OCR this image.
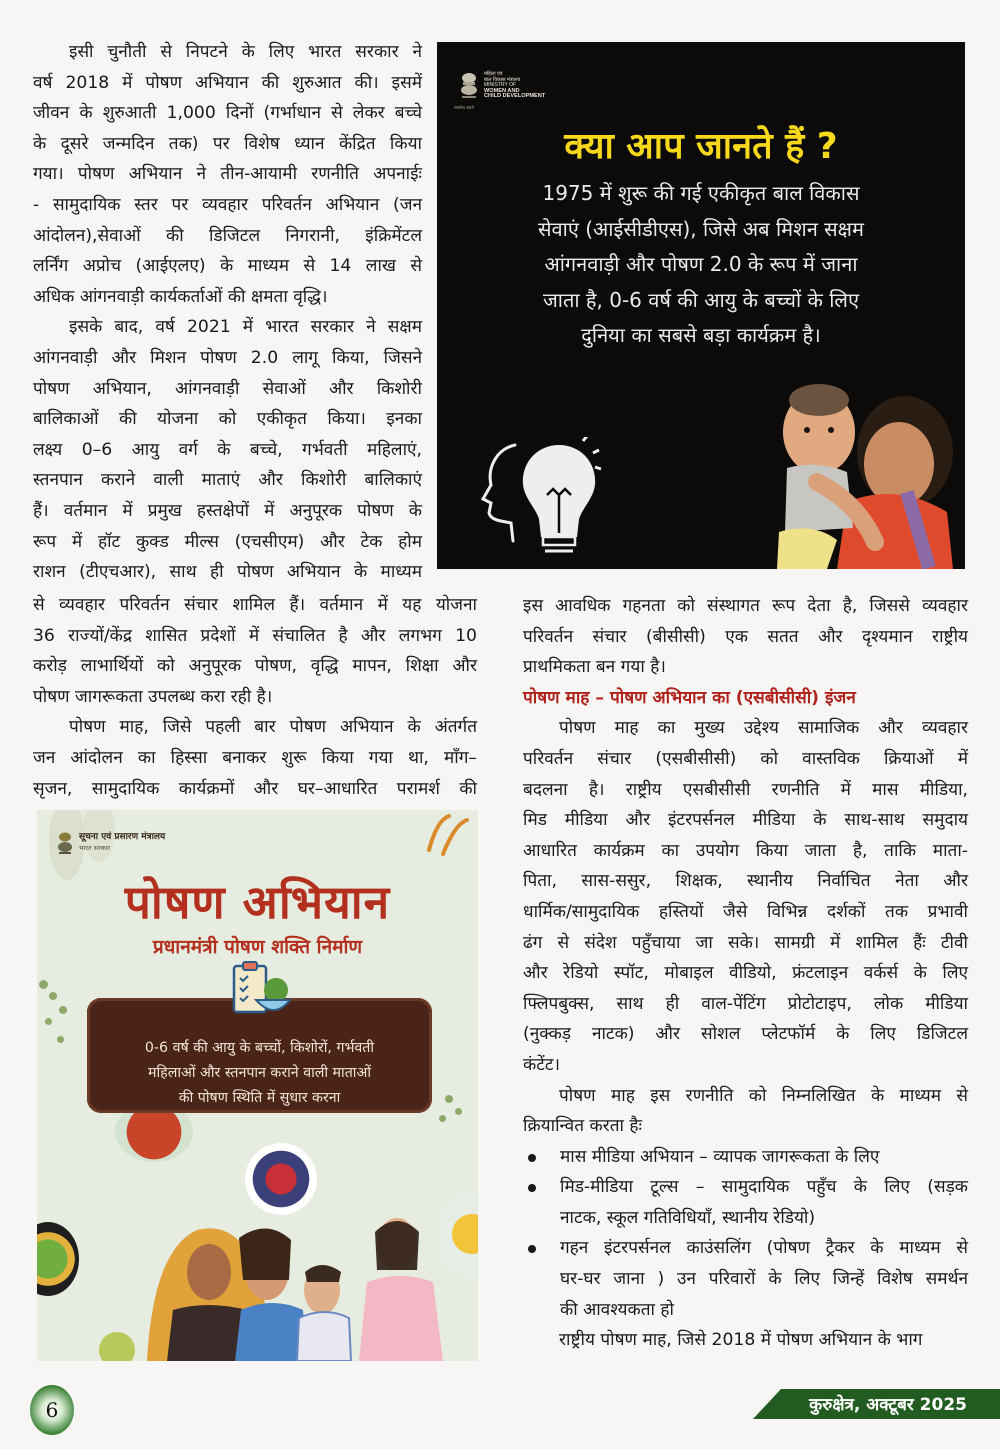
इसी चुनौती से निपटने के लिए भारत सरकार ने
वर्ष 2018 में पोषण अभियान की शुरुआत की। इसमें
जीवन के शुरुआती 1,000 दिनों (गर्भाधान से लेकर बच्चे
के दूसरे जन्मदिन तक) पर विशेष ध्यान केंद्रित किया
गया। पोषण अभियान ने तीन-आयामी रणनीति अपनाईः
- सामुदायिक स्तर पर व्यवहार परिवर्तन अभियान (जन
आंदोलन),सेवाओं की डिजिटल निगरानी, इंक्रिमेंटल
लर्निंग अप्रोच (आईएलए) के माध्यम से 14 लाख से
अधिक आंगनवाड़ी कार्यकर्ताओं की क्षमता वृद्धि।

इसके बाद, वर्ष 2021 में भारत सरकार ने सक्षम
आंगनवाड़ी और मिशन पोषण 2.0 लागू किया, जिसने
पोषण अभियान, आंगनवाड़ी सेवाओं और किशोरी
बालिकाओं की योजना को एकीकृत किया। इनका
लक्ष्य 0–6 आयु वर्ग के बच्चे, गर्भवती महिलाएं,
स्तनपान कराने वाली माताएं और किशोरी बालिकाएं
हैं। वर्तमान में प्रमुख हस्तक्षेपों में अनुपूरक पोषण के
रूप में हॉट कुक्ड मील्स (एचसीएम) और टेक होम
राशन (टीएचआर), साथ ही पोषण अभियान के माध्यम

से व्यवहार परिवर्तन संचार शामिल हैं। वर्तमान में यह योजना
36 राज्यों/केंद्र शासित प्रदेशों में संचालित है और लगभग 10
करोड़ लाभार्थियों को अनुपूरक पोषण, वृद्धि मापन, शिक्षा और
पोषण जागरूकता उपलब्ध करा रही है।

पोषण माह, जिसे पहली बार पोषण अभियान के अंतर्गत
जन आंदोलन का हिस्सा बनाकर शुरू किया गया था, माँग–
सृजन, सामुदायिक कार्यक्रमों और घर–आधारित परामर्श की

महिला एवं
बाल विकास मंत्रालय
MINISTRY OF
WOMEN AND
CHILD DEVELOPMENT
सत्यमेव जयते
क्या आप जानते हैं ?
1975 में शुरू की गई एकीकृत बाल विकास
सेवाएं (आईसीडीएस), जिसे अब मिशन सक्षम
आंगनवाड़ी और पोषण 2.0 के रूप में जाना
जाता है, 0-6 वर्ष की आयु के बच्चों के लिए
दुनिया का सबसे बड़ा कार्यक्रम है।
सूचना एवं प्रसारण मंत्रालय
भारत सरकार
पोषण अभियान
प्रधानमंत्री पोषण शक्ति निर्माण
0-6 वर्ष की आयु के बच्चों, किशोरों, गर्भवती
महिलाओं और स्तनपान कराने वाली माताओं
की पोषण स्थिति में सुधार करना

इस आवधिक गहनता को संस्थागत रूप देता है, जिससे व्यवहार
परिवर्तन संचार (बीसीसी) एक सतत और दृश्यमान राष्ट्रीय
प्राथमिकता बन गया है।

पोषण माह – पोषण अभियान का (एसबीसीसी) इंजन

पोषण माह का मुख्य उद्देश्य सामाजिक और व्यवहार
परिवर्तन संचार (एसबीसीसी) को वास्तविक क्रियाओं में
बदलना है। राष्ट्रीय एसबीसीसी रणनीति में मास मीडिया,
मिड मीडिया और इंटरपर्सनल मीडिया के साथ-साथ समुदाय
आधारित कार्यक्रम का उपयोग किया जाता है, ताकि माता-
पिता, सास-ससुर, शिक्षक, स्थानीय निर्वाचित नेता और
धार्मिक/सामुदायिक हस्तियों जैसे विभिन्न दर्शकों तक प्रभावी
ढंग से संदेश पहुँचाया जा सके। सामग्री में शामिल हैंः टीवी
और रेडियो स्पॉट, मोबाइल वीडियो, फ्रंटलाइन वर्कर्स के लिए
फ्लिपबुक्स, साथ ही वाल-पेंटिंग प्रोटोटाइप, लोक मीडिया
(नुक्कड़ नाटक) और सोशल प्लेटफॉर्म के लिए डिजिटल
कंटेंट।

पोषण माह इस रणनीति को निम्नलिखित के माध्यम से
क्रियान्वित करता हैः

मास मीडिया अभियान – व्यापक जागरूकता के लिए
मिड-मीडिया टूल्स – सामुदायिक पहुँच के लिए (सड़क
नाटक, स्कूल गतिविधियाँ, स्थानीय रेडियो)
गहन इंटरपर्सनल काउंसलिंग (पोषण ट्रैकर के माध्यम से
घर-घर जाना ) उन परिवारों के लिए जिन्हें विशेष समर्थन
की आवश्यकता हो
राष्ट्रीय पोषण माह, जिसे 2018 में पोषण अभियान के भाग
6	कुरुक्षेत्र, अक्टूबर 2025
